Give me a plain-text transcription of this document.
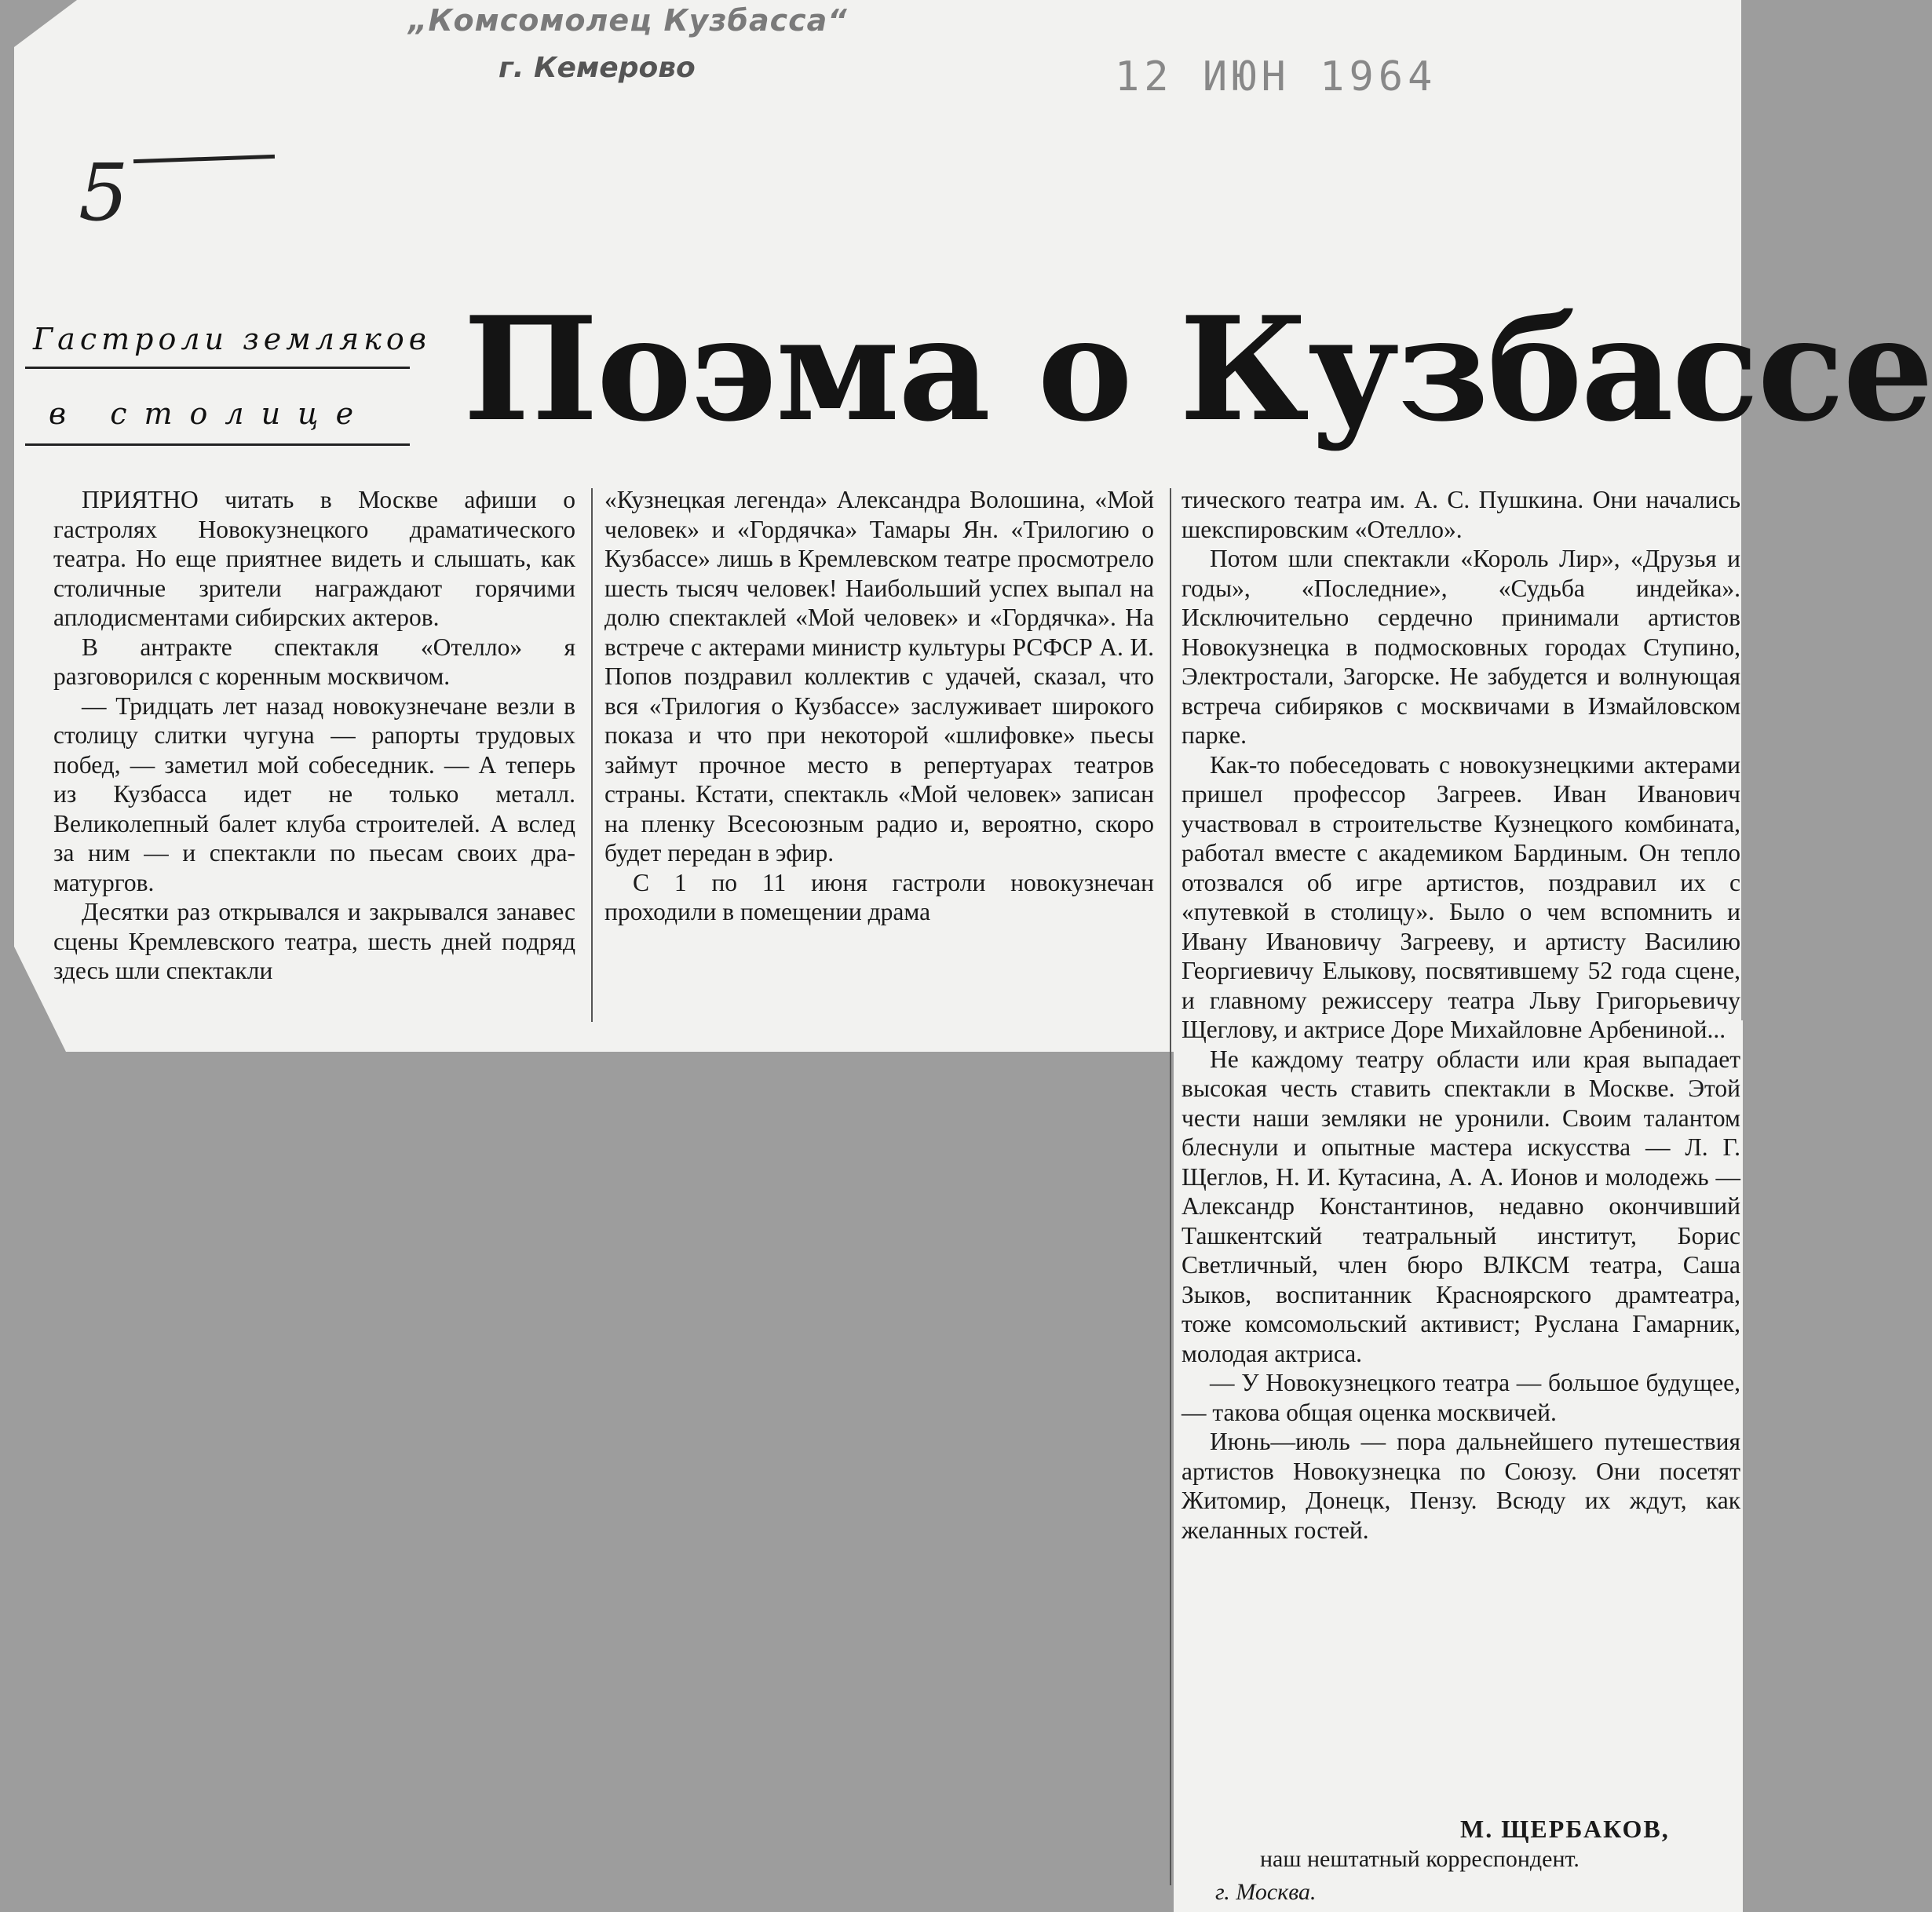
„Комсомолец Кузбасса“
г. Кемерово	12 ИЮН 1964
5
Гастроли земляков
в столице Поэма о Кузбассе

ПРИЯТНО читать в Москве афиши о гастролях Новокузнецкого драматического театра. Но еще приятнее видеть и слышать, как столичные зрители награждают горячими аплодисментами сибирских актеров.

В антракте спектакля «Отелло» я разговорился с коренным москвичом.

— Тридцать лет назад новокузнечане везли в столицу слитки чугуна — рапорты трудовых побед, — заметил мой собеседник. — А теперь из Кузбасса идет не только металл. Великолепный балет клуба строителей. А вслед за ним — и спектакли по пьесам своих драматургов.

Десятки раз открывался и закрывался занавес сцены Кремлевского театра, шесть дней подряд здесь шли спектакли

«Кузнецкая легенда» Александра Волошина, «Мой человек» и «Гордячка» Тамары Ян. «Трилогию о Кузбассе» лишь в Кремлевском театре просмотрело шесть тысяч человек! Наибольший успех выпал на долю спектаклей «Мой человек» и «Гордячка». На встрече с актерами министр культуры РСФСР А. И. Попов поздравил коллектив с удачей, сказал, что вся «Трилогия о Кузбассе» заслуживает широкого показа и что при некоторой «шлифовке» пьесы займут прочное место в репертуарах театров страны. Кстати, спектакль «Мой человек» записан на пленку Всесоюзным радио и, вероятно, скоро будет передан в эфир.

С 1 по 11 июня гастроли новокузнечан проходили в помещении драма

тического театра им. А. С. Пушкина. Они начались шекспировским «Отелло».

Потом шли спектакли «Король Лир», «Друзья и годы», «Последние», «Судьба индейка». Исключительно сердечно принимали артистов Новокузнецка в подмосковных городах Ступино, Электростали, Загорске. Не забудется и волнующая встреча сибиряков с москвичами в Измайловском парке.

Как-то побеседовать с новокузнецкими актерами пришел профессор Загреев. Иван Иванович участвовал в строительстве Кузнецкого комбината, работал вместе с академиком Бардиным. Он тепло отозвался об игре артистов, поздравил их с «путевкой в столицу». Было о чем вспомнить и Ивану Ивановичу Загрееву, и артисту Василию Георгиевичу Елыкову, посвятившему 52 года сцене, и главному режиссеру театра Льву Григорьевичу Щеглову, и актрисе Доре Михайловне Арбениной...

Не каждому театру области или края выпадает высокая честь ставить спектакли в Москве. Этой чести наши земляки не уронили. Своим талантом блеснули и опытные мастера искусства — Л. Г. Щеглов, Н. И. Кутасина, А. А. Ионов и молодежь — Александр Константинов, недавно окончивший Ташкентский театральный институт, Борис Светличный, член бюро ВЛКСМ театра, Саша Зыков, воспитанник Красноярского драмтеатра, тоже комсомольский активист; Руслана Гамарник, молодая актриса.

— У Новокузнецкого театра — большое будущее, — такова общая оценка москвичей.

Июнь—июль — пора дальнейшего путешествия артистов Новокузнецка по Союзу. Они посетят Житомир, Донецк, Пензу. Всюду их ждут, как желанных гостей.

М. ЩЕРБАКОВ,
наш нештатный корреспондент.
г. Москва.
